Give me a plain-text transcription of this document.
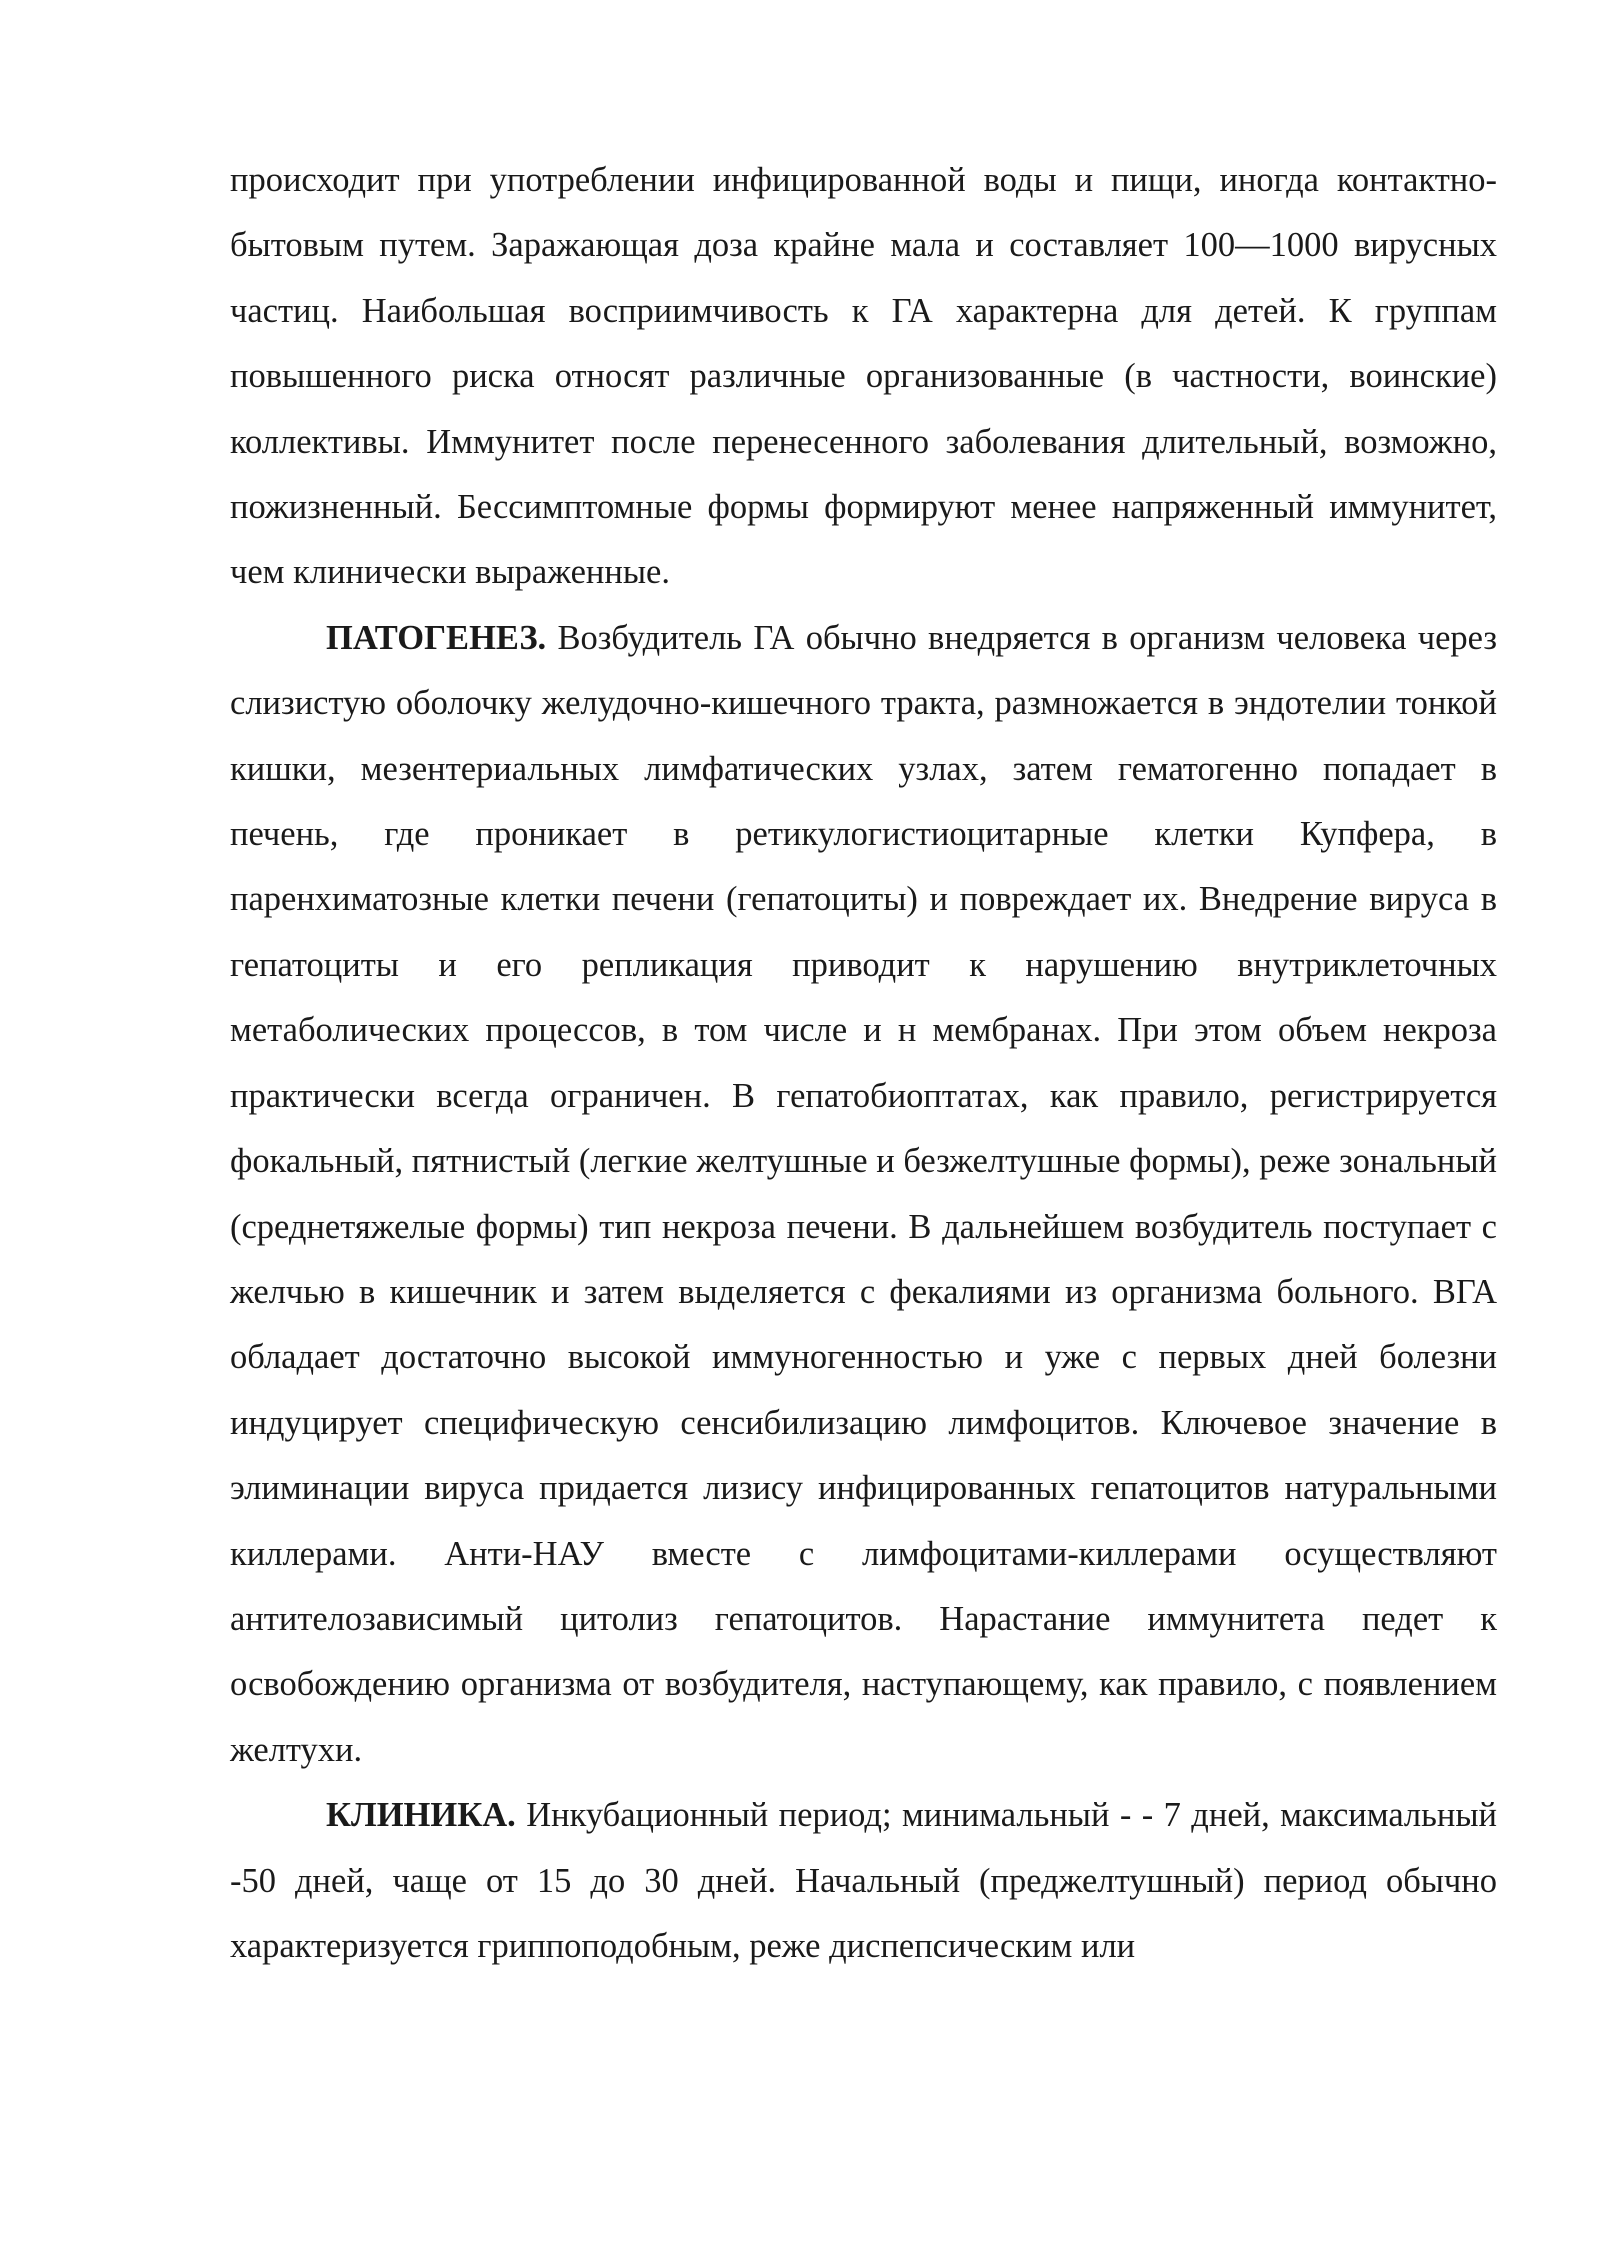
происходит при употреблении инфицированной воды и пищи, иногда контактно-бытовым путем. Заражающая доза крайне мала и составляет 100—1000 вирусных частиц. Наибольшая восприимчивость к ГА характерна для детей. К группам повышенного риска относят различные организованные (в частности, воинские) коллективы. Иммунитет после перенесенного заболевания длительный, возможно, пожизненный. Бессимптомные формы формируют менее напряженный иммунитет, чем клинически выраженные.

ПАТОГЕНЕЗ. Возбудитель ГА обычно внедряется в организм человека через слизистую оболочку желудочно-кишечного тракта, размножается в эндотелии тонкой кишки, мезентериальных лимфатических узлах, затем гематогенно попадает в печень, где проникает в ретикулогистиоцитарные клетки Купфера, в паренхиматозные клетки печени (гепатоциты) и повреждает их. Внедрение вируса в гепатоциты и его репликация приводит к нарушению внутриклеточных метаболических процессов, в том числе и н мембранах. При этом объем некроза практически всегда ограничен. В гепатобиоптатах, как правило, регистрируется фокальный, пятнистый (легкие желтушные и безжелтушные формы), реже зональный (среднетяжелые формы) тип некроза печени. В дальнейшем возбудитель поступает с желчью в кишечник и затем выделяется с фекалиями из организма больного. ВГА обладает достаточно высокой иммуногенностью и уже с первых дней болезни индуцирует специфическую сенсибилизацию лимфоцитов. Ключевое значение в элиминации вируса придается лизису инфицированных гепатоцитов натуральными киллерами. Анти-НАУ вместе с лимфоцитами-киллерами осуществляют антителозависимый цитолиз гепатоцитов. Нарастание иммунитета педет к освобождению организма от возбудителя, наступающему, как правило, с появлением желтухи.

КЛИНИКА. Инкубационный период; минимальный - - 7 дней, максимальный -50 дней, чаще от 15 до 30 дней. Начальный (преджелтушный) период обычно характеризуется гриппоподобным, реже диспепсическим или
